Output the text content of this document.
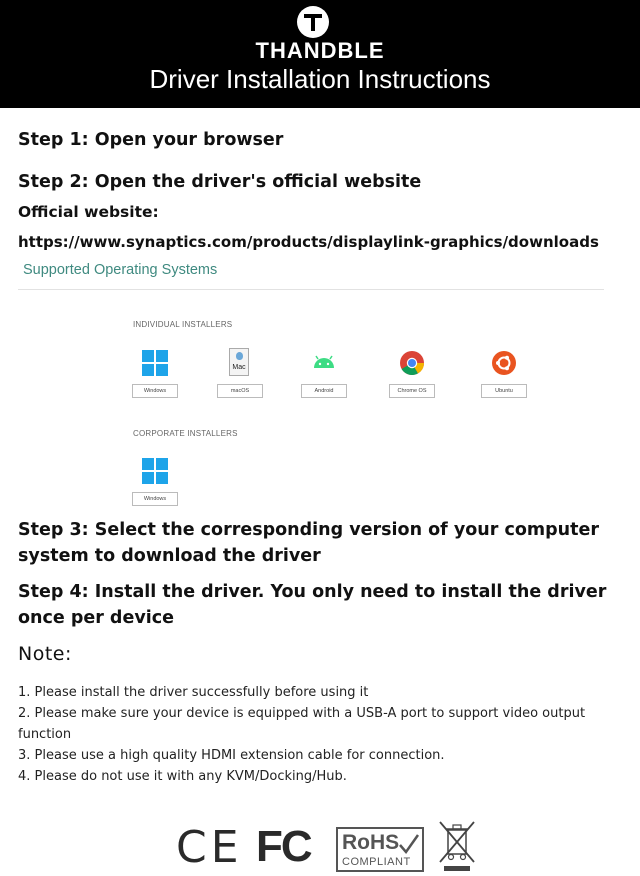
THANDBLE
Driver Installation Instructions
Step 1: Open your browser
Step 2: Open the driver's official website
Official website:
https://www.synaptics.com/products/displaylink-graphics/downloads
Supported Operating Systems
INDIVIDUAL INSTALLERS
Windows
Mac
macOS	Android	Chrome OS	Ubuntu
CORPORATE INSTALLERS
Windows
Step 3: Select the corresponding version of your computer
system to download the driver
Step 4: Install the driver. You only need to install the driver
once per device
Note:
1. Please install the driver successfully before using it
2. Please make sure your device is equipped with a USB-A port to support video output
function
3. Please use a high quality HDMI extension cable for connection.
4. Please do not use it with any KVM/Docking/Hub.
CE FC RoHS
COMPLIANT
